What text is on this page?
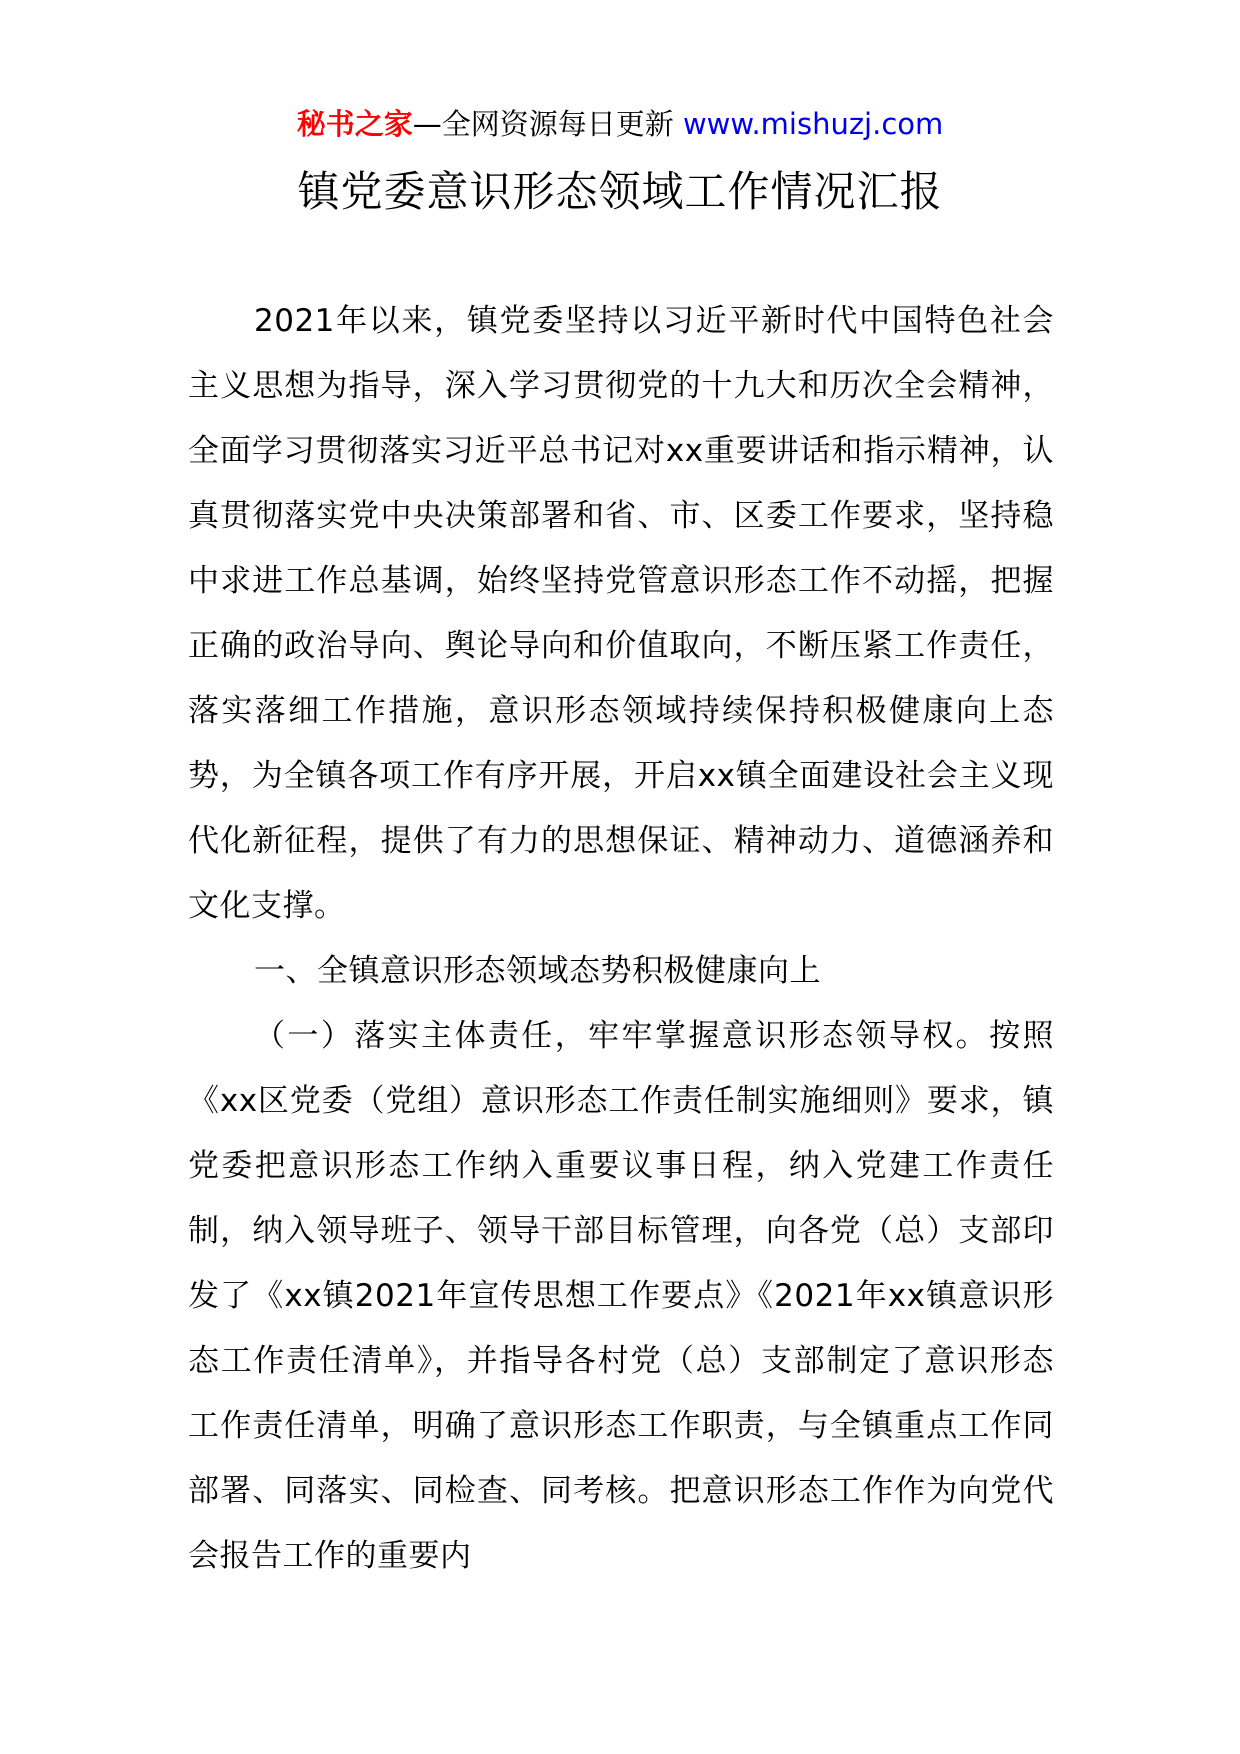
秘书之家—全网资源每日更新 www.mishuzj.com
镇党委意识形态领域工作情况汇报

2021年以来，镇党委坚持以习近平新时代中国特色社会主义思想为指导，深入学习贯彻党的十九大和历次全会精神，全面学习贯彻落实习近平总书记对xx重要讲话和指示精神，认真贯彻落实党中央决策部署和省、市、区委工作要求，坚持稳中求进工作总基调，始终坚持党管意识形态工作不动摇，把握正确的政治导向、舆论导向和价值取向，不断压紧工作责任，落实落细工作措施，意识形态领域持续保持积极健康向上态势，为全镇各项工作有序开展，开启xx镇全面建设社会主义现代化新征程，提供了有力的思想保证、精神动力、道德涵养和文化支撑。

一、全镇意识形态领域态势积极健康向上

（一）落实主体责任，牢牢掌握意识形态领导权。按照《xx区党委（党组）意识形态工作责任制实施细则》要求，镇党委把意识形态工作纳入重要议事日程，纳入党建工作责任制，纳入领导班子、领导干部目标管理，向各党（总）支部印发了《xx镇2021年宣传思想工作要点》《2021年xx镇意识形态工作责任清单》，并指导各村党（总）支部制定了意识形态工作责任清单，明确了意识形态工作职责，与全镇重点工作同部署、同落实、同检查、同考核。把意识形态工作作为向党代会报告工作的重要内
